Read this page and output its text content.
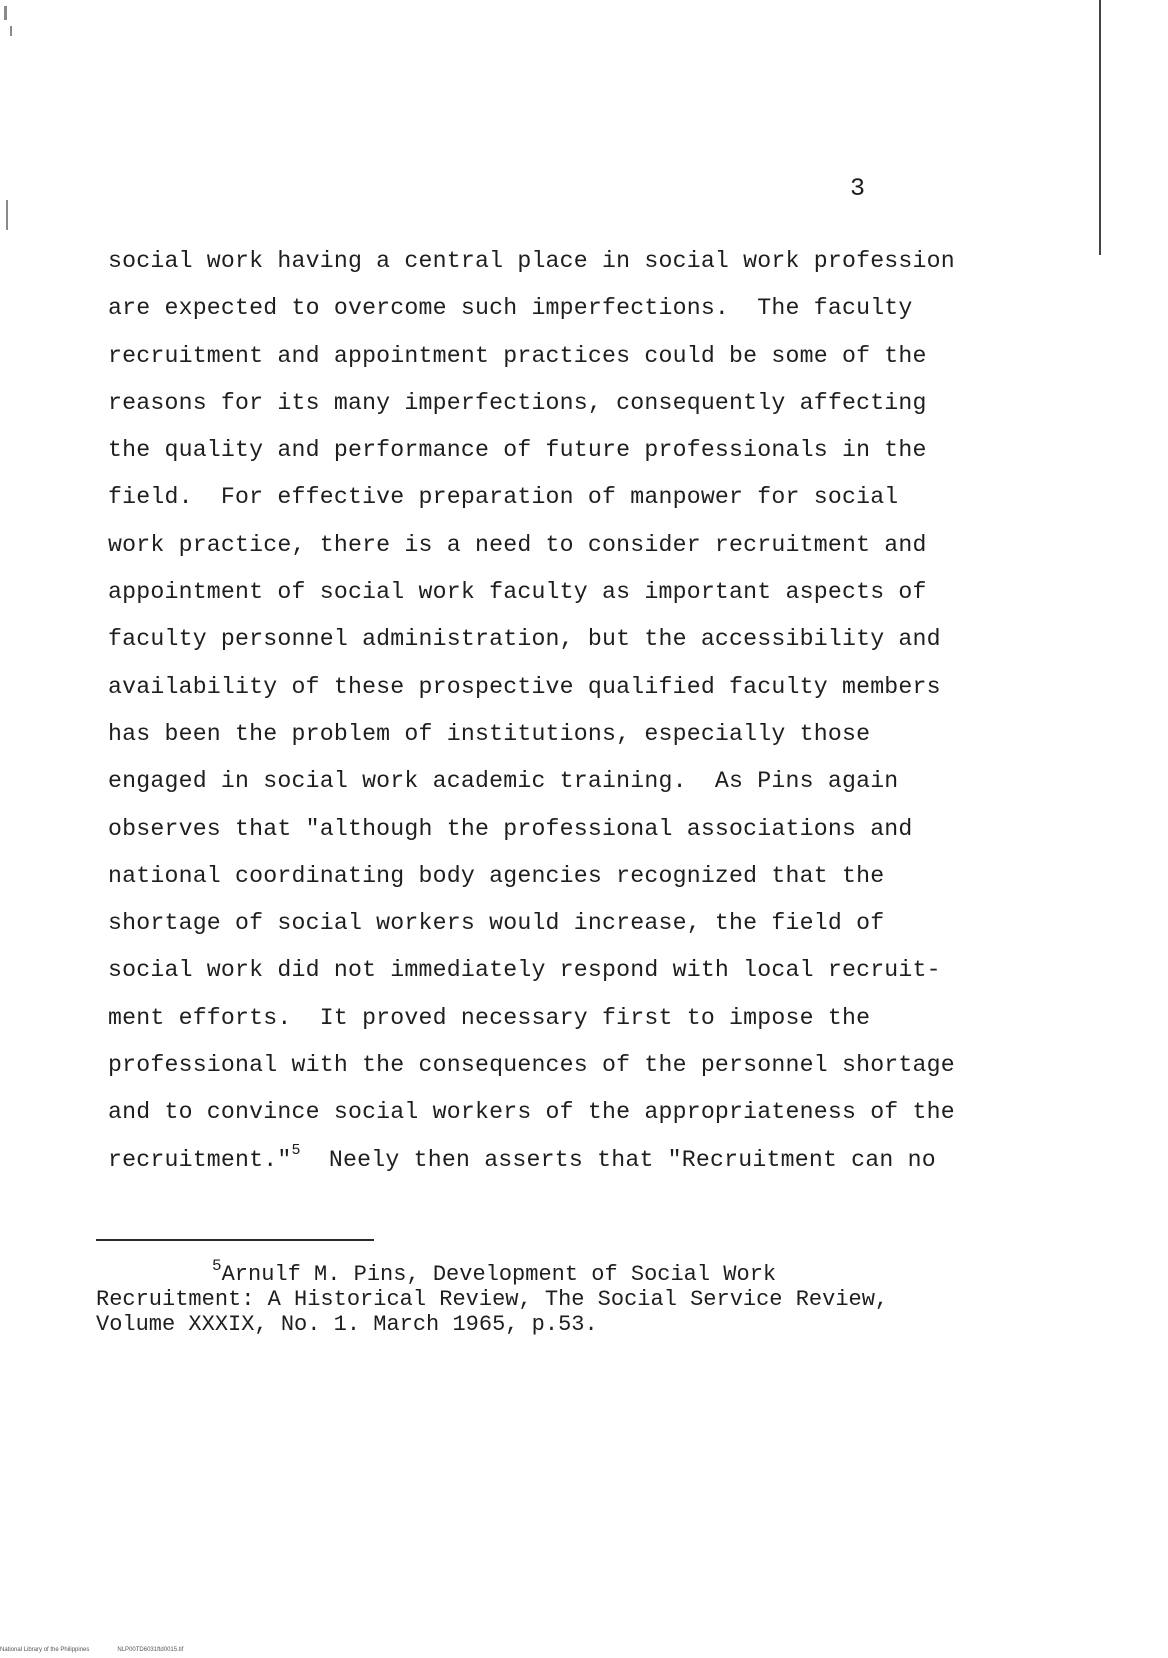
3
social work having a central place in social work profession
are expected to overcome such imperfections.  The faculty
recruitment and appointment practices could be some of the
reasons for its many imperfections, consequently affecting
the quality and performance of future professionals in the
field.  For effective preparation of manpower for social
work practice, there is a need to consider recruitment and
appointment of social work faculty as important aspects of
faculty personnel administration, but the accessibility and
availability of these prospective qualified faculty members
has been the problem of institutions, especially those
engaged in social work academic training.  As Pins again
observes that "although the professional associations and
national coordinating body agencies recognized that the
shortage of social workers would increase, the field of
social work did not immediately respond with local recruit-
ment efforts.  It proved necessary first to impose the
professional with the consequences of the personnel shortage
and to convince social workers of the appropriateness of the
recruitment."$^5$  Neely then asserts that "Recruitment can no
$^5$Arnulf M. Pins, Development of Social Work
Recruitment: A Historical Review, The Social Service Review,
Volume XXXIX, No. 1. March 1965, p.53.
National Library of the Philippines	NLP00TD6031ftd0015.tif
